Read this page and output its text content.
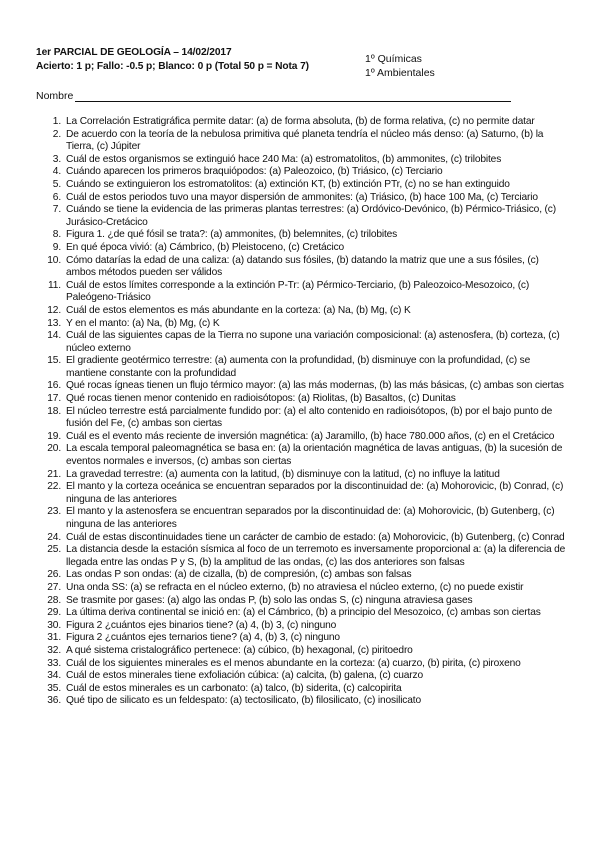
1er PARCIAL DE GEOLOGÍA – 14/02/2017
Acierto: 1 p; Fallo: -0.5 p; Blanco: 0 p (Total 50 p = Nota 7)
1º Químicas
1º Ambientales
Nombre
1. La Correlación Estratigráfica permite datar: (a) de forma absoluta, (b) de forma relativa, (c) no permite datar
2. De acuerdo con la teoría de la nebulosa primitiva qué planeta tendría el núcleo más denso: (a) Saturno, (b) la Tierra, (c) Júpiter
3. Cuál de estos organismos se extinguió hace 240 Ma: (a) estromatolitos, (b) ammonites, (c) trilobites
4. Cuándo aparecen los primeros braquiópodos: (a) Paleozoico, (b) Triásico, (c) Terciario
5. Cuándo se extinguieron los estromatolitos: (a) extinción KT, (b) extinción PTr, (c) no se han extinguido
6. Cuál de estos periodos tuvo una mayor dispersión de ammonites: (a) Triásico, (b) hace 100 Ma, (c) Terciario
7. Cuándo se tiene la evidencia de las primeras plantas terrestres: (a) Ordóvico-Devónico, (b) Pérmico-Triásico, (c) Jurásico-Cretácico
8. Figura 1. ¿de qué fósil se trata?: (a) ammonites, (b) belemnites, (c) trilobites
9. En qué época vivió: (a) Cámbrico, (b) Pleistoceno, (c) Cretácico
10. Cómo datarías la edad de una caliza: (a) datando sus fósiles, (b) datando la matriz que une a sus fósiles, (c) ambos métodos pueden ser válidos
11. Cuál de estos límites corresponde a la extinción P-Tr: (a) Pérmico-Terciario, (b) Paleozoico-Mesozoico, (c) Paleógeno-Triásico
12. Cuál de estos elementos es más abundante en la corteza: (a) Na, (b) Mg, (c) K
13. Y en el manto: (a) Na, (b) Mg, (c) K
14. Cuál de las siguientes capas de la Tierra no supone una variación composicional: (a) astenosfera, (b) corteza, (c) núcleo externo
15. El gradiente geotérmico terrestre: (a) aumenta con la profundidad, (b) disminuye con la profundidad, (c) se mantiene constante con la profundidad
16. Qué rocas ígneas tienen un flujo térmico mayor: (a) las más modernas, (b) las más básicas, (c) ambas son ciertas
17. Qué rocas tienen menor contenido en radioisótopos: (a) Riolitas, (b) Basaltos, (c) Dunitas
18. El núcleo terrestre está parcialmente fundido por: (a) el alto contenido en radioisótopos, (b) por el bajo punto de fusión del Fe, (c) ambas son ciertas
19. Cuál es el evento más reciente de inversión magnética: (a) Jaramillo, (b) hace 780.000 años, (c) en el Cretácico
20. La escala temporal paleomagnética se basa en: (a) la orientación magnética de lavas antiguas, (b) la sucesión de eventos normales e inversos, (c) ambas son ciertas
21. La gravedad terrestre: (a) aumenta con la latitud, (b) disminuye con la latitud, (c) no influye la latitud
22. El manto y la corteza oceánica se encuentran separados por la discontinuidad de: (a) Mohorovicic, (b) Conrad, (c) ninguna de las anteriores
23. El manto y la astenosfera se encuentran separados por la discontinuidad de: (a) Mohorovicic, (b) Gutenberg, (c) ninguna de las anteriores
24. Cuál de estas discontinuidades tiene un carácter de cambio de estado: (a) Mohorovicic, (b) Gutenberg, (c) Conrad
25. La distancia desde la estación sísmica al foco de un terremoto es inversamente proporcional a: (a) la diferencia de llegada entre las ondas P y S, (b) la amplitud de las ondas, (c) las dos anteriores son falsas
26. Las ondas P son ondas: (a) de cizalla, (b) de compresión, (c) ambas son falsas
27. Una onda SS: (a) se refracta en el núcleo externo, (b) no atraviesa el núcleo externo, (c) no puede existir
28. Se trasmite por gases: (a) algo las ondas P, (b) solo las ondas S, (c) ninguna atraviesa gases
29. La última deriva continental se inició en: (a) el Cámbrico, (b) a principio del Mesozoico, (c) ambas son ciertas
30. Figura 2 ¿cuántos ejes binarios tiene? (a) 4, (b) 3, (c) ninguno
31. Figura 2 ¿cuántos ejes ternarios tiene? (a) 4, (b) 3, (c) ninguno
32. A qué sistema cristalográfico pertenece: (a) cúbico, (b) hexagonal, (c) piritoedro
33. Cuál de los siguientes minerales es el menos abundante en la corteza: (a) cuarzo, (b) pirita, (c) piroxeno
34. Cuál de estos minerales tiene exfoliación cúbica: (a) calcita, (b) galena, (c) cuarzo
35. Cuál de estos minerales es un carbonato: (a) talco, (b) siderita, (c) calcopirita
36. Qué tipo de silicato es un feldespato: (a) tectosilicato, (b) filosilicato, (c) inosilicato
